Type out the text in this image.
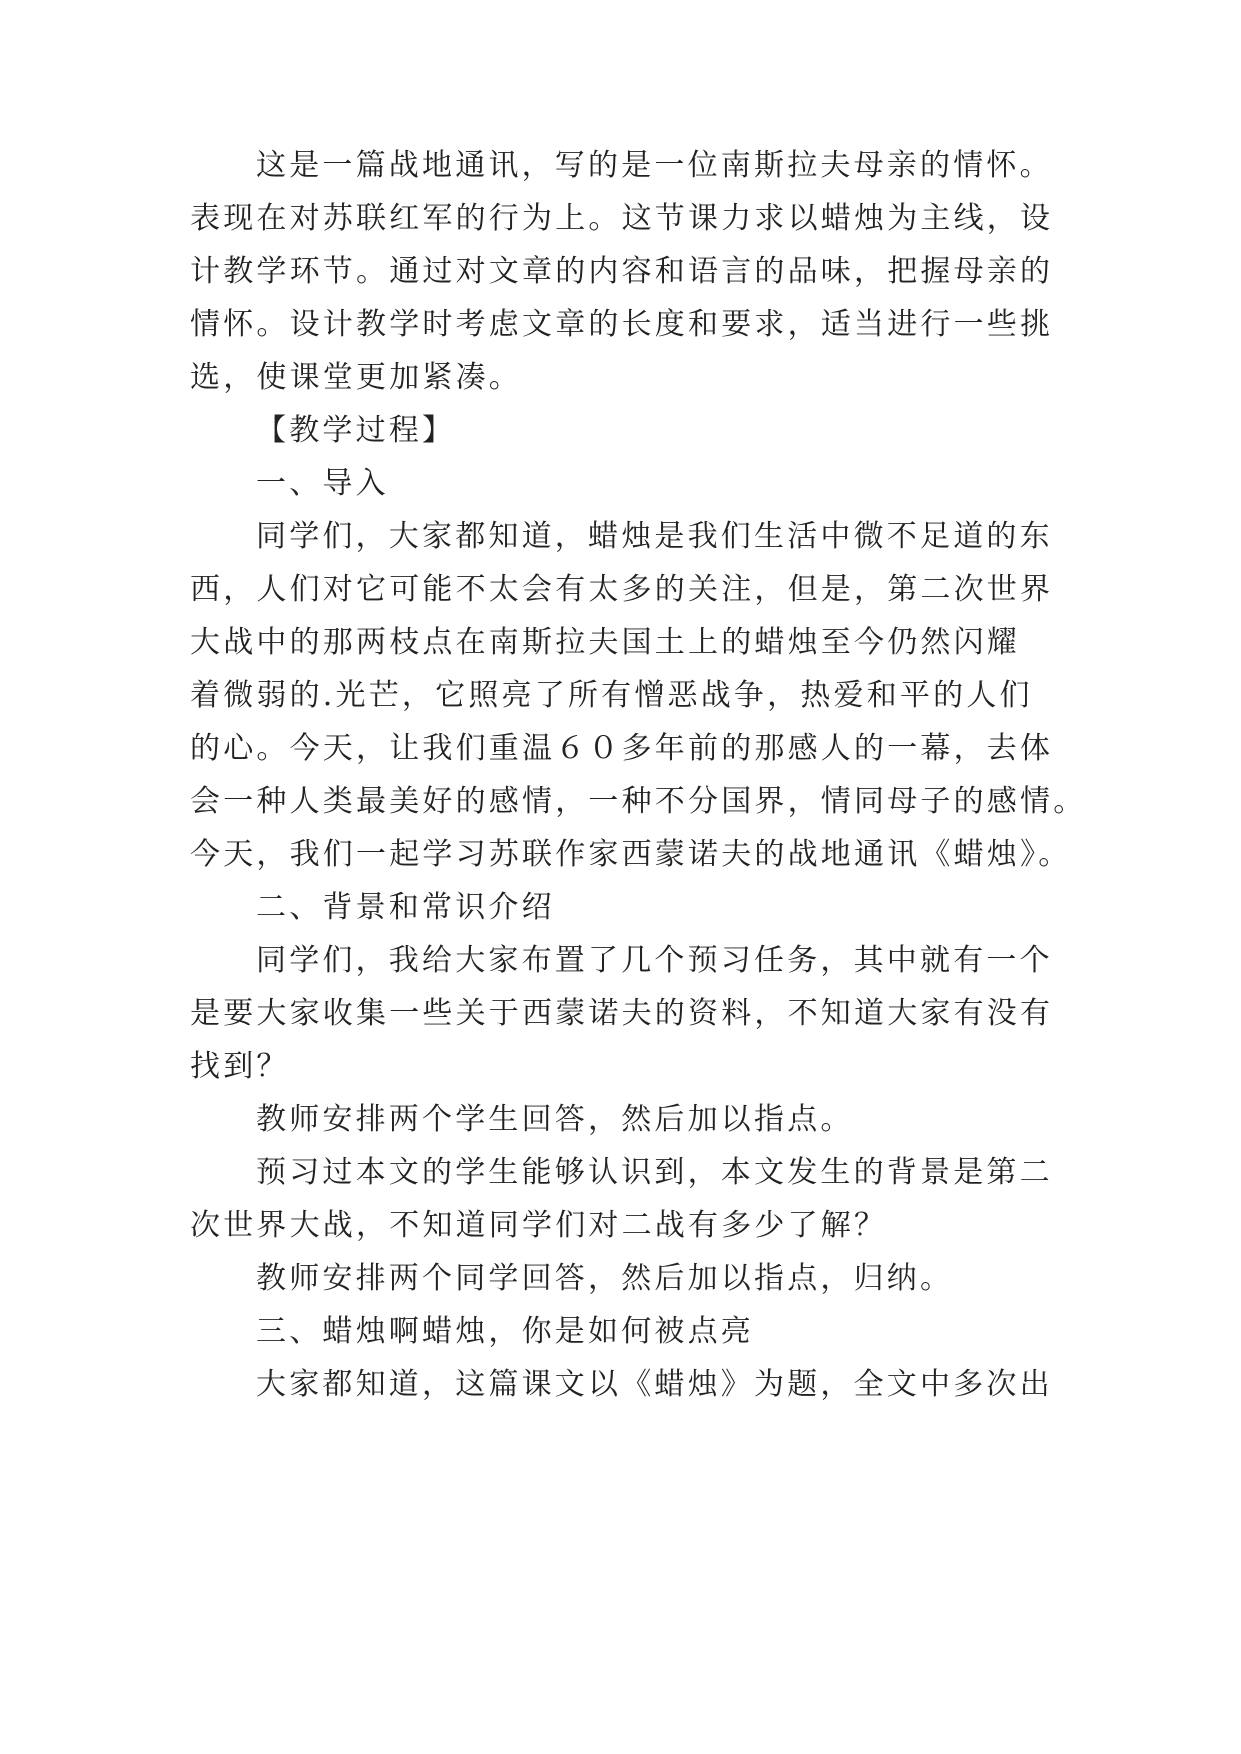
这是一篇战地通讯，写的是一位南斯拉夫母亲的情怀。
表现在对苏联红军的行为上。这节课力求以蜡烛为主线，设
计教学环节。通过对文章的内容和语言的品味，把握母亲的
情怀。设计教学时考虑文章的长度和要求，适当进行一些挑
选，使课堂更加紧凑。
【教学过程】
一、导入
同学们，大家都知道，蜡烛是我们生活中微不足道的东
西，人们对它可能不太会有太多的关注，但是，第二次世界
大战中的那两枝点在南斯拉夫国土上的蜡烛至今仍然闪耀
着微弱的.光芒，它照亮了所有憎恶战争，热爱和平的人们
的心。今天，让我们重温６０多年前的那感人的一幕，去体
会一种人类最美好的感情，一种不分国界，情同母子的感情。
今天，我们一起学习苏联作家西蒙诺夫的战地通讯《蜡烛》。
二、背景和常识介绍
同学们，我给大家布置了几个预习任务，其中就有一个
是要大家收集一些关于西蒙诺夫的资料，不知道大家有没有
找到？
教师安排两个学生回答，然后加以指点。
预习过本文的学生能够认识到，本文发生的背景是第二
次世界大战，不知道同学们对二战有多少了解？
教师安排两个同学回答，然后加以指点，归纳。
三、蜡烛啊蜡烛，你是如何被点亮
大家都知道，这篇课文以《蜡烛》为题，全文中多次出
